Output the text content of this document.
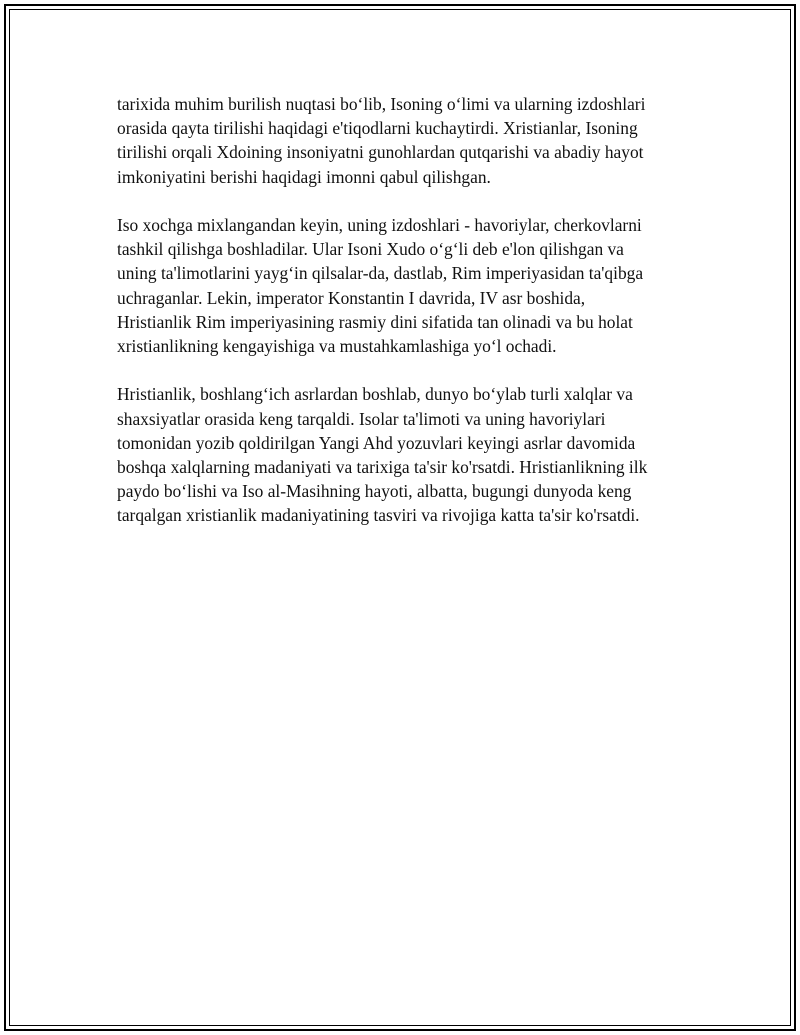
tarixida muhim burilish nuqtasi bo‘lib, Isoning o‘limi va ularning izdoshlari
orasida qayta tirilishi haqidagi e'tiqodlarni kuchaytirdi. Xristianlar, Isoning
tirilishi orqali Xdoining insoniyatni gunohlardan qutqarishi va abadiy hayot
imkoniyatini berishi haqidagi imonni qabul qilishgan.

Iso xochga mixlangandan keyin, uning izdoshlari - havoriylar, cherkovlarni
tashkil qilishga boshladilar. Ular Isoni Xudo o‘g‘li deb e'lon qilishgan va
uning ta'limotlarini yayg‘in qilsalar-da, dastlab, Rim imperiyasidan ta'qibga
uchraganlar. Lekin, imperator Konstantin I davrida, IV asr boshida,
Hristianlik Rim imperiyasining rasmiy dini sifatida tan olinadi va bu holat
xristianlikning kengayishiga va mustahkamlashiga yo‘l ochadi.

Hristianlik, boshlang‘ich asrlardan boshlab, dunyo bo‘ylab turli xalqlar va
shaxsiyatlar orasida keng tarqaldi. Isolar ta'limoti va uning havoriylari
tomonidan yozib qoldirilgan Yangi Ahd yozuvlari keyingi asrlar davomida
boshqa xalqlarning madaniyati va tarixiga ta'sir ko'rsatdi. Hristianlikning ilk
paydo bo‘lishi va Iso al-Masihning hayoti, albatta, bugungi dunyoda keng
tarqalgan xristianlik madaniyatining tasviri va rivojiga katta ta'sir ko'rsatdi.
